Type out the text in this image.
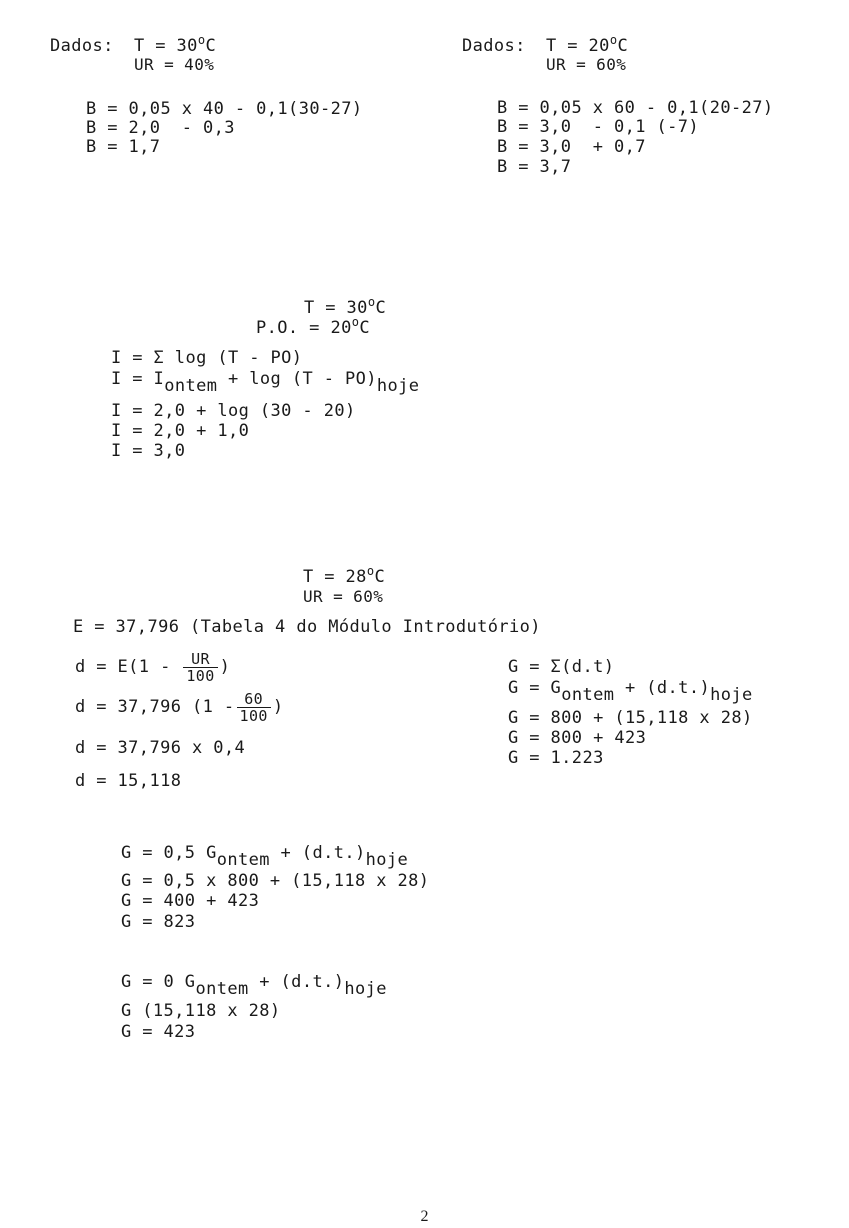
Dados: $T = 30^oC$
UR = 40%
B = 0,05 x 40 - 0,1(30-27)
B = 2,0  - 0,3
B = 1,7
Dados: $T = 20^oC$
UR = 60%
B = 0,05 x 60 - 0,1(20-27)
B = 3,0  - 0,1 (-7)
B = 3,0  + 0,7
B = 3,7
$T = 30^oC$
P.O. = $20^oC$
I = Σ log (T - PO)
I = Iontem + log (T - PO)hoje
I = 2,0 + log (30 - 20)
I = 2,0 + 1,0
I = 3,0
$T = 28^oC$
UR = 60%
E = 37,796 (Tabela 4 do Módulo Introdutório)
$d = E(1 - \frac{UR}{100}$ )
d = 37,796 ($1 - \frac{60}{100}$ )
d = 37,796 x 0,4
d = 15,118
G = Σ(d.t)
G = Gontem + (d.t.)hoje
G = 800 + (15,118 x 28)
G = 800 + 423
G = 1.223
G = 0,5 Gontem + (d.t.)hoje
G = 0,5 x 800 + (15,118 x 28)
G = 400 + 423
G = 823
G = 0 Gontem + (d.t.)hoje
G (15,118 x 28)
G = 423
2
